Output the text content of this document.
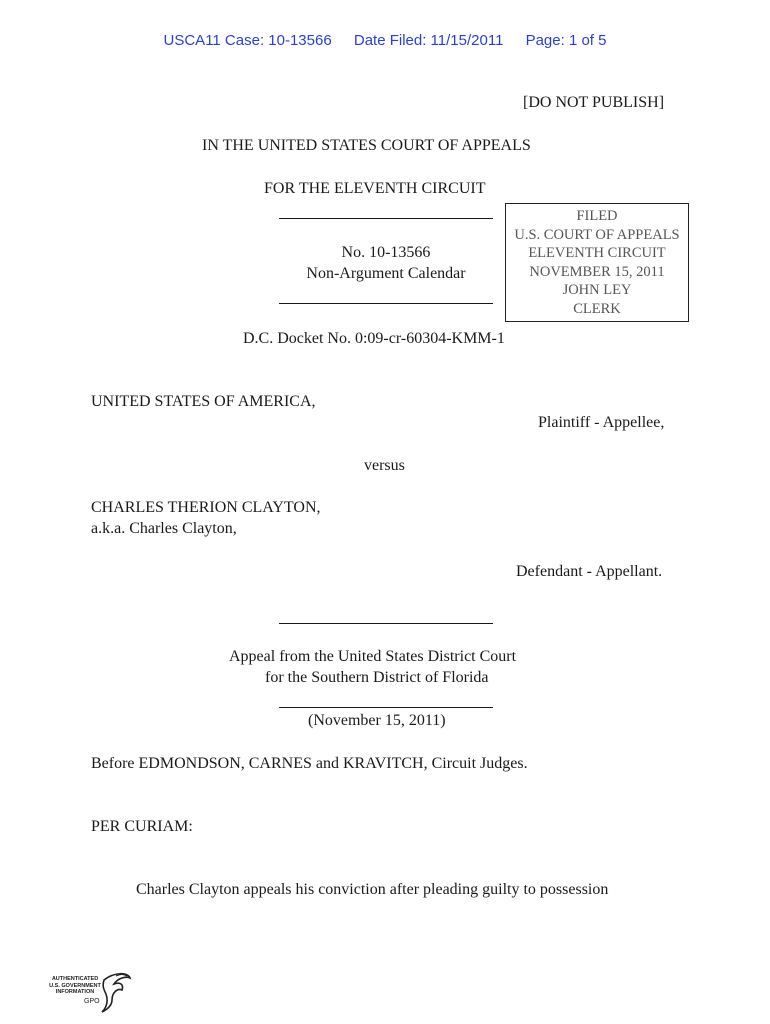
USCA11 Case: 10-13566 Date Filed: 11/15/2011 Page: 1 of 5
[DO NOT PUBLISH]
IN THE UNITED STATES COURT OF APPEALS
FOR THE ELEVENTH CIRCUIT
No. 10-13566
Non-Argument Calendar
FILED
U.S. COURT OF APPEALS
ELEVENTH CIRCUIT
NOVEMBER 15, 2011
JOHN LEY
CLERK
D.C. Docket No. 0:09-cr-60304-KMM-1
UNITED STATES OF AMERICA,
Plaintiff - Appellee,
versus
CHARLES THERION CLAYTON,
a.k.a. Charles Clayton,
Defendant - Appellant.
Appeal from the United States District Court
for the Southern District of Florida
(November 15, 2011)
Before EDMONDSON, CARNES and KRAVITCH, Circuit Judges.
PER CURIAM:
Charles Clayton appeals his conviction after pleading guilty to possession
AUTHENTICATED
U.S. GOVERNMENT
INFORMATION
GPO
